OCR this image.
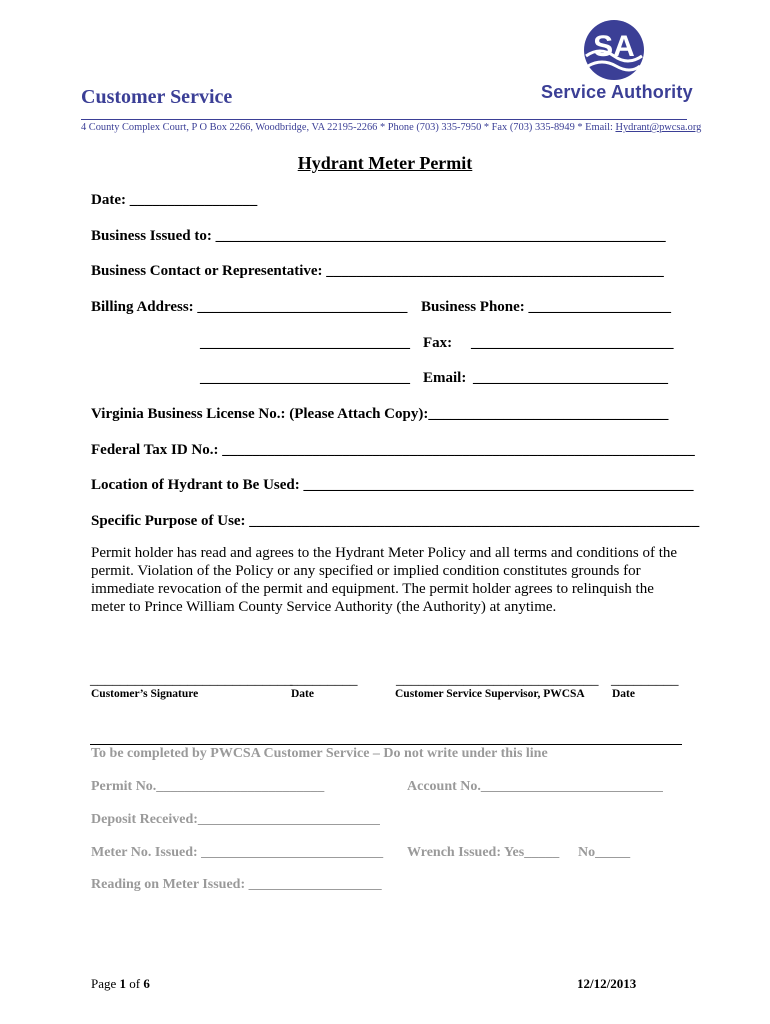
Customer Service
SA
Service Authority
4 County Complex Court, P O Box 2266, Woodbridge, VA 22195-2266 * Phone (703) 335-7950 * Fax (703) 335-8949 * Email: Hydrant@pwcsa.org
Hydrant Meter Permit
Date: _________________
Business Issued to: ____________________________________________________________
Business Contact or Representative: _____________________________________________
Billing Address: ____________________________ Business Phone: ___________________
____________________________ Fax: ___________________________
____________________________ Email: __________________________
Virginia Business License No.: (Please Attach Copy):________________________________
Federal Tax ID No.: _______________________________________________________________
Location of Hydrant to Be Used: ____________________________________________________
Specific Purpose of Use: ____________________________________________________________
Permit holder has read and agrees to the Hydrant Meter Policy and all terms and conditions of the permit. Violation of the Policy or any specified or implied condition constitutes grounds for immediate revocation of the permit and equipment. The permit holder agrees to relinquish the meter to Prince William County Service Authority (the Authority) at anytime.
___________________________
_________	___________________________ _________
Customer’s Signature	Date	Customer Service Supervisor, PWCSA Date
To be completed by PWCSA Customer Service – Do not write under this line
Permit No.________________________	Account No.__________________________
Deposit Received:__________________________
Meter No. Issued: __________________________ Wrench Issued: Yes_____ No_____
Reading on Meter Issued: ___________________
Page 1 of 6	12/12/2013
